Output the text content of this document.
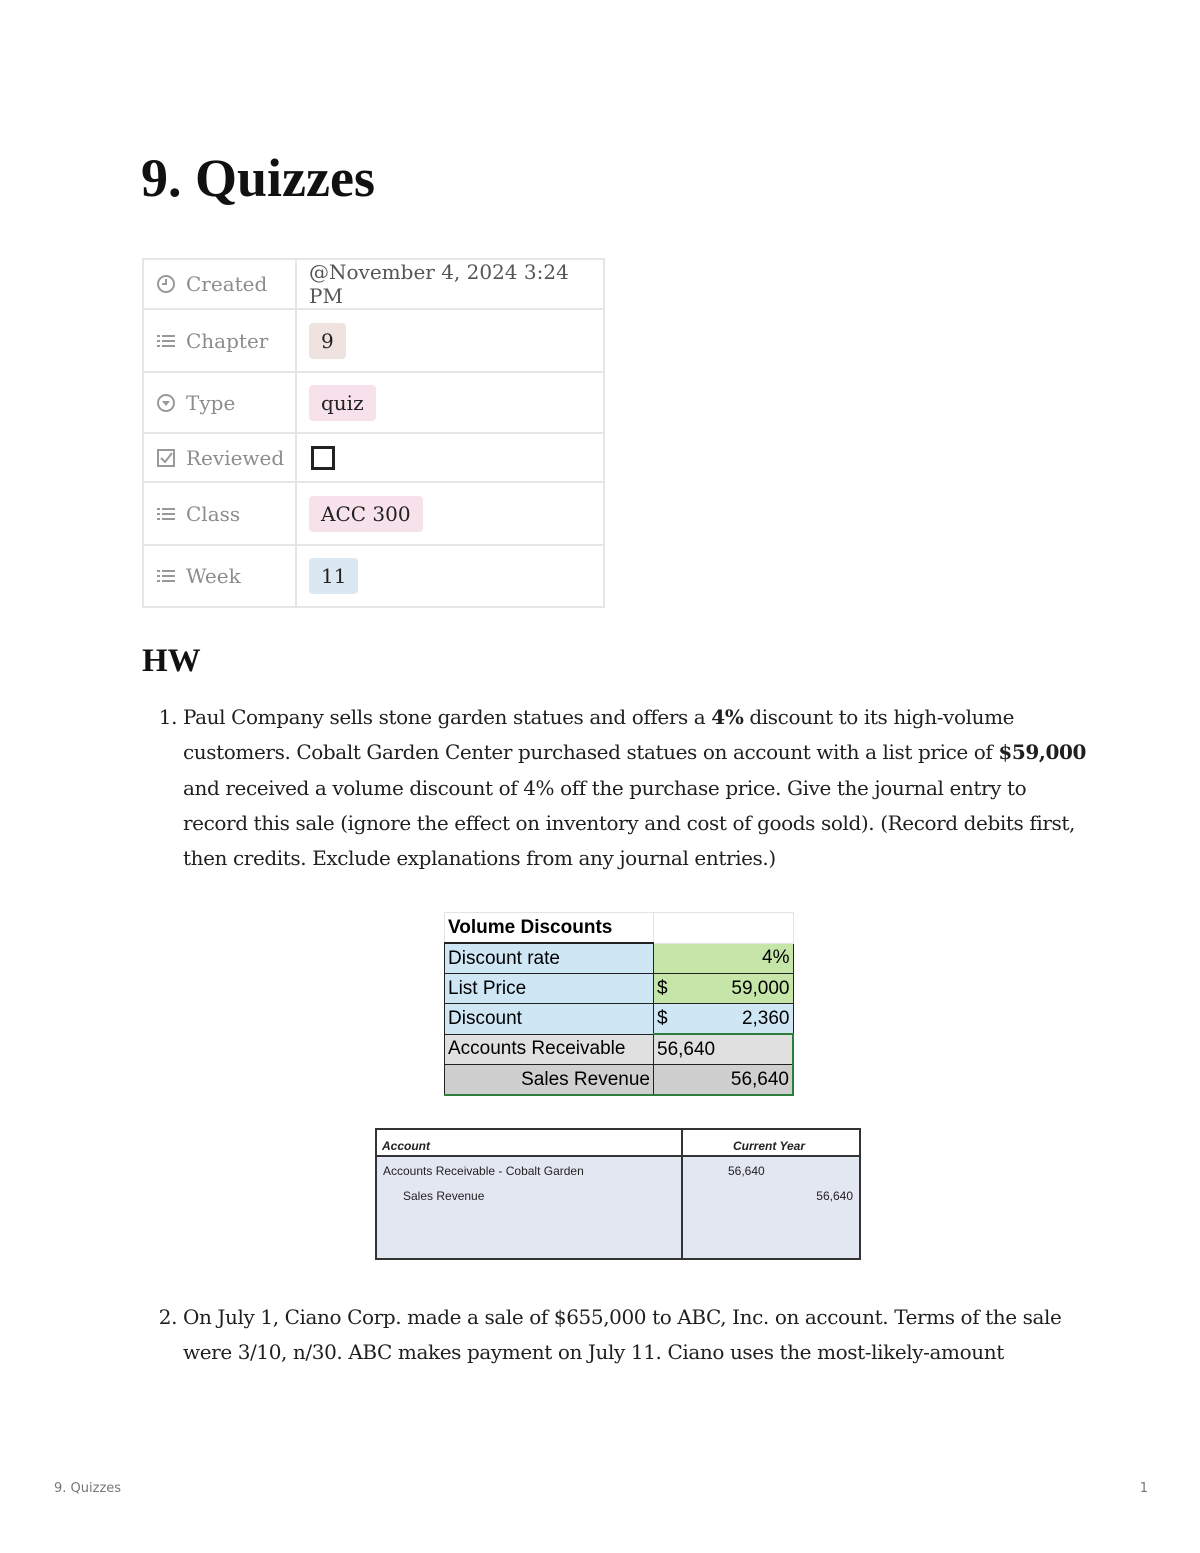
9. Quizzes
Created	@November 4, 2024 3:24 PM
Chapter	9
Type	quiz
Reviewed	
Class	ACC 300
Week	11
HW
1. Paul Company sells stone garden statues and offers a 4% discount to its high-volume customers. Cobalt Garden Center purchased statues on account with a list price of $59,000 and received a volume discount of 4% off the purchase price. Give the journal entry to record this sale (ignore the effect on inventory and cost of goods sold). (Record debits first, then credits. Exclude explanations from any journal entries.)
2. On July 1, Ciano Corp. made a sale of $655,000 to ABC, Inc. on account. Terms of the sale were 3/10, n/30. ABC makes payment on July 11. Ciano uses the most-likely-amount
Volume Discounts	
Discount rate	4%
List Price	$ 59,000

Discount	$ 2,360

Accounts Receivable	56,640
Sales Revenue	56,640
Account	Current Year
Accounts Receivable - Cobalt Garden	56,640
Sales Revenue	56,640
9. Quizzes	1
